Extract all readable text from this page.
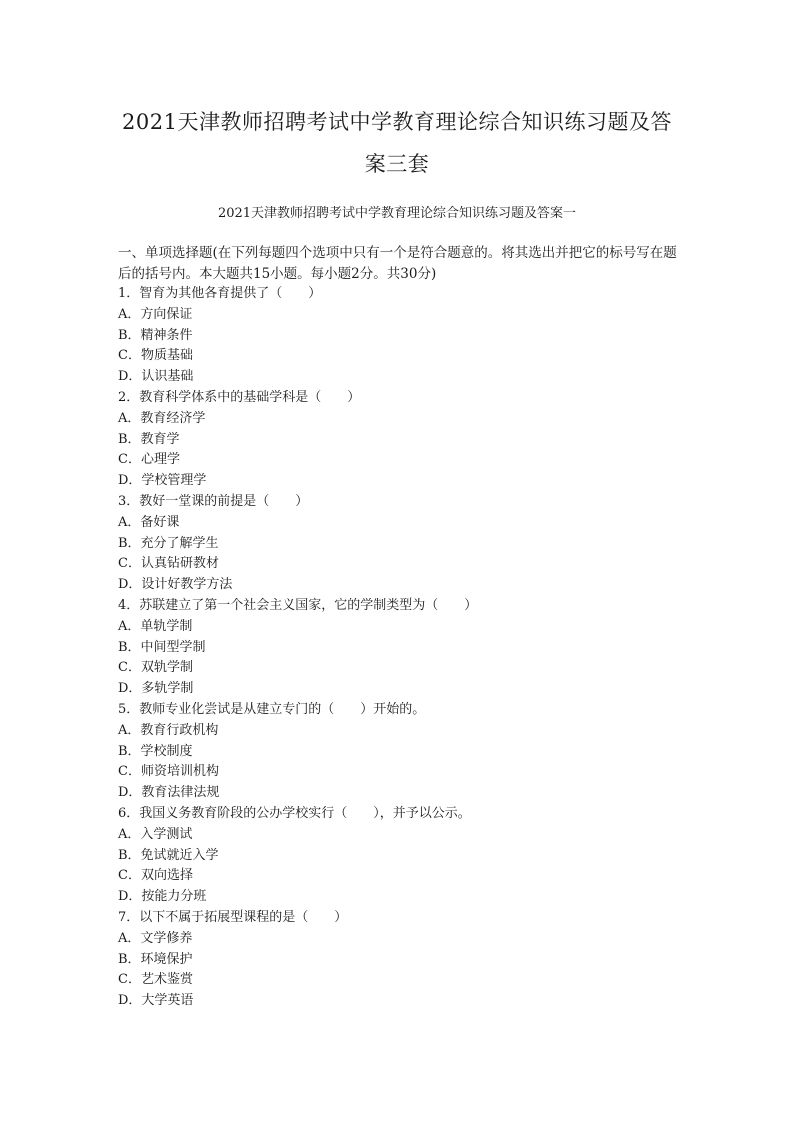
2021天津教师招聘考试中学教育理论综合知识练习题及答
案三套
2021天津教师招聘考试中学教育理论综合知识练习题及答案一
一、单项选择题(在下列每题四个选项中只有一个是符合题意的。将其选出并把它的标号写在题后的括号内。本大题共15小题。每小题2分。共30分)
1．智育为其他各育提供了（　　）
A．方向保证
B．精神条件
C．物质基础
D．认识基础
2．教育科学体系中的基础学科是（　　）
A．教育经济学
B．教育学
C．心理学
D．学校管理学
3．教好一堂课的前提是（　　）
A．备好课
B．充分了解学生
C．认真钻研教材
D．设计好教学方法
4．苏联建立了第一个社会主义国家，它的学制类型为（　　）
A．单轨学制
B．中间型学制
C．双轨学制
D．多轨学制
5．教师专业化尝试是从建立专门的（　　）开始的。
A．教育行政机构
B．学校制度
C．师资培训机构
D．教育法律法规
6．我国义务教育阶段的公办学校实行（　　），并予以公示。
A．入学测试
B．免试就近入学
C．双向选择
D．按能力分班
7．以下不属于拓展型课程的是（　　）
A．文学修养
B．环境保护
C．艺术鉴赏
D．大学英语
